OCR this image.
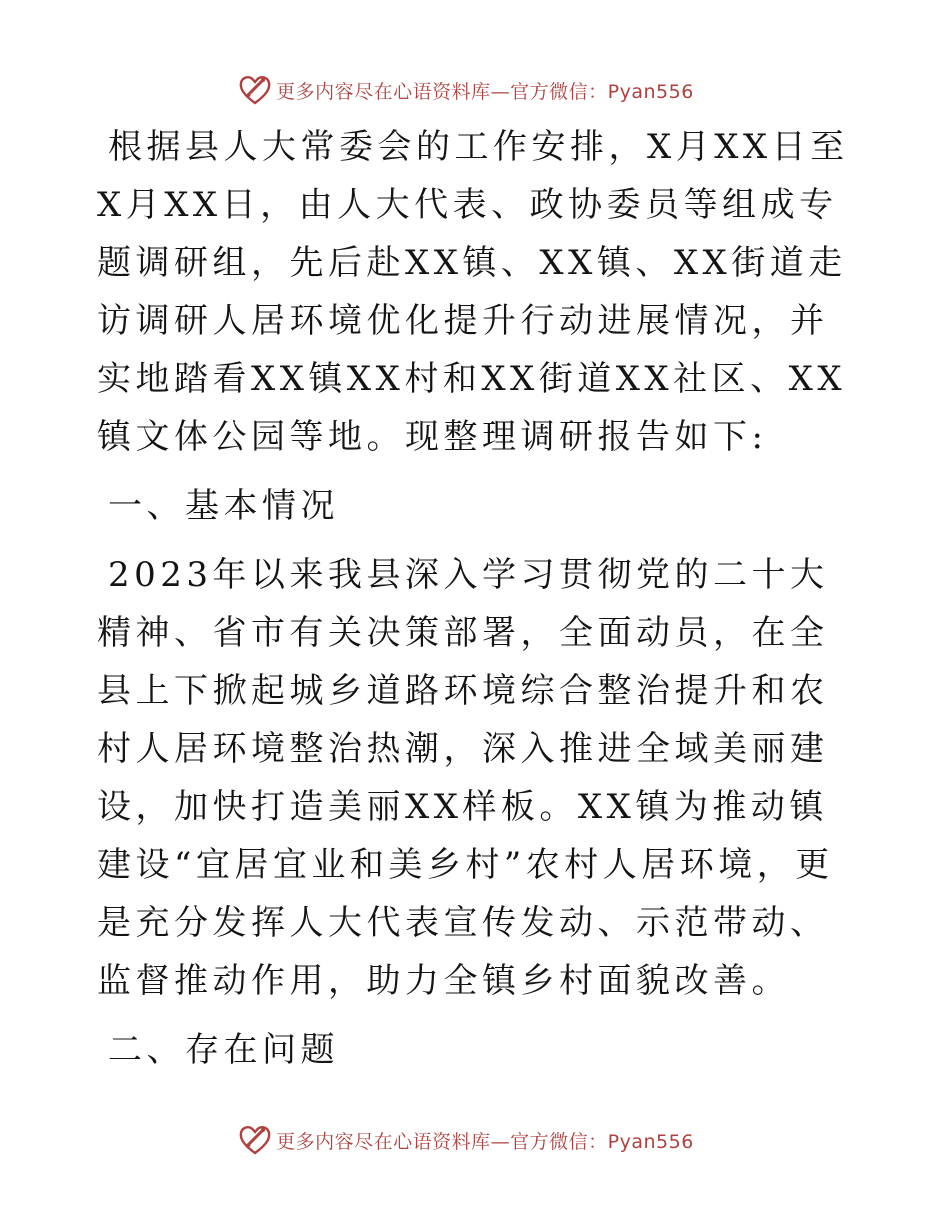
更多内容尽在心语资料库—官方微信：Pyan556

根据县人大常委会的工作安排，X月XX日至X月XX日，由人大代表、政协委员等组成专题调研组，先后赴XX镇、XX镇、XX街道走访调研人居环境优化提升行动进展情况，并实地踏看XX镇XX村和XX街道XX社区、XX镇文体公园等地。现整理调研报告如下:

一、基本情况

2023年以来我县深入学习贯彻党的二十大精神、省市有关决策部署，全面动员，在全县上下掀起城乡道路环境综合整治提升和农村人居环境整治热潮，深入推进全域美丽建设，加快打造美丽XX样板。XX镇为推动镇建设“宜居宜业和美乡村”农村人居环境，更是充分发挥人大代表宣传发动、示范带动、监督推动作用，助力全镇乡村面貌改善。

二、存在问题

更多内容尽在心语资料库—官方微信：Pyan556
